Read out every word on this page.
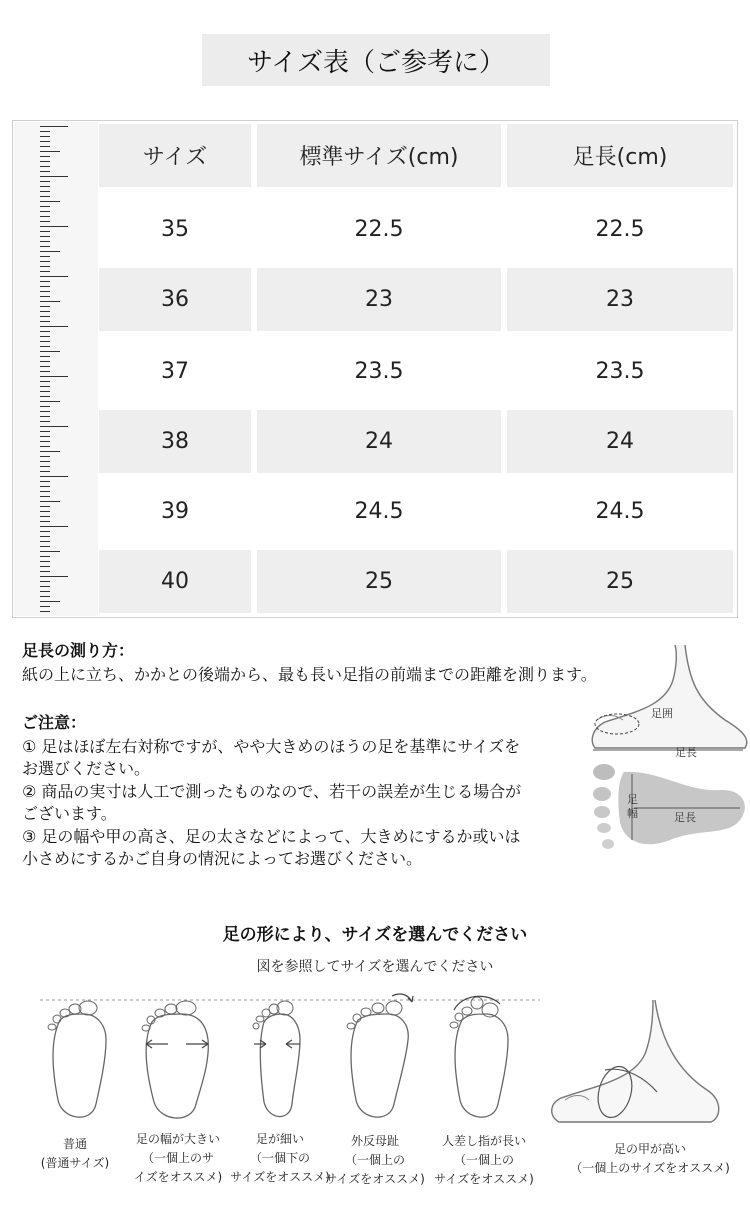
サイズ表（ご参考に）
サイズ	標準サイズ(cm)	足長(cm)
35	22.5	22.5
36	23	23
37	23.5	23.5
38	24	24
39	24.5	24.5
40	25	25
足長の測り方：
紙の上に立ち、かかとの後端から、最も長い足指の前端までの距離を測ります。
ご注意：
① 足はほぼ左右対称ですが、やや大きめのほうの足を基準にサイズを
お選びください。
② 商品の実寸は人工で測ったものなので、若干の誤差が生じる場合が
ございます。
③ 足の幅や甲の高さ、足の太さなどによって、大きめにするか或いは
小さめにするかご自身の情況によってお選びください。
足囲
足長
足幅	足長
足の形により、サイズを選んでください
図を参照してサイズを選んでください
普通
(普通サイズ)
足の幅が大きい
（一個上のサ
イズをオススメ)
足が細い
（一個下の
サイズをオススメ)
外反母趾
（一個上の
サイズをオススメ)
人差し指が長い
（一個上の
サイズをオススメ)
足の甲が高い
（一個上のサイズをオススメ)
